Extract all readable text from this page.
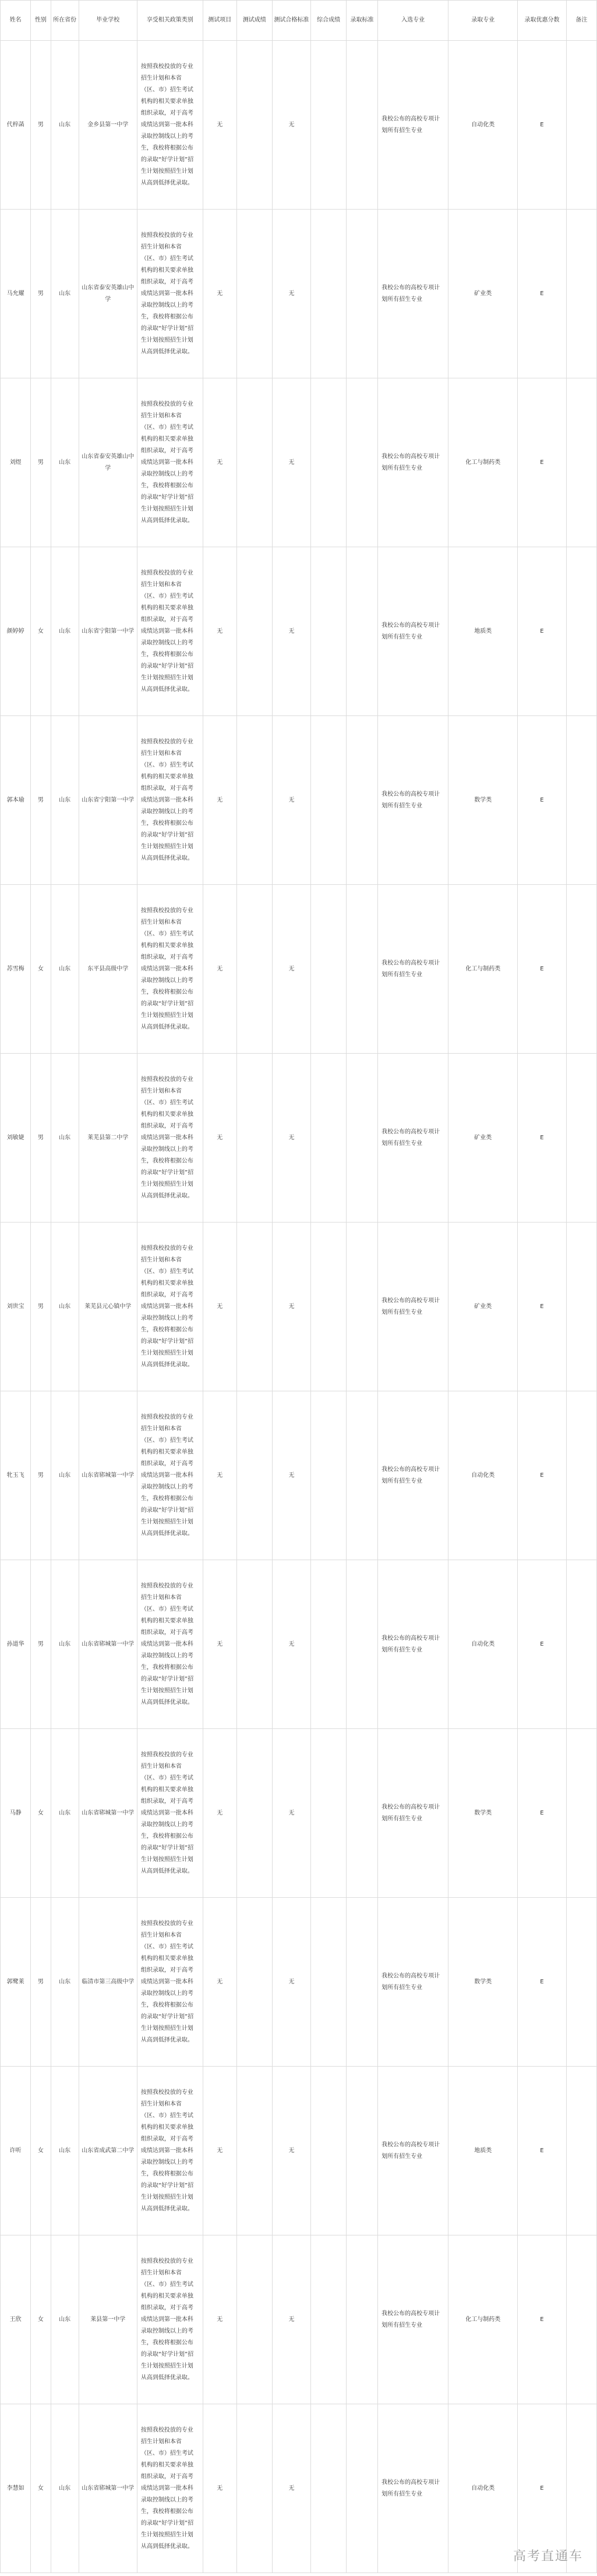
姓名	性别	所在省份	毕业学校	享受相关政策类别	测试项目	测试成绩	测试合格标准	综合成绩	录取标准	入选专业	录取专业	录取优惠分数	备注
代梓菡	男	山东	金乡县第一中学	按照我校投放的专业招生计划和本省（区、市）招生考试机构的相关要求单独组织录取，对于高考成绩达到第一批本科录取控制线以上的考生，我校将根据公布的录取“好学计划”招生计划按照招生计划从高到低择优录取。	无		无			我校公布的高校专项计划所有招生专业	自动化类	E	
马允耀	男	山东	山东省泰安英雄山中学	按照我校投放的专业招生计划和本省（区、市）招生考试机构的相关要求单独组织录取，对于高考成绩达到第一批本科录取控制线以上的考生，我校将根据公布的录取“好学计划”招生计划按照招生计划从高到低择优录取。	无		无			我校公布的高校专项计划所有招生专业	矿业类	E	
刘煜	男	山东	山东省泰安英雄山中学	按照我校投放的专业招生计划和本省（区、市）招生考试机构的相关要求单独组织录取，对于高考成绩达到第一批本科录取控制线以上的考生，我校将根据公布的录取“好学计划”招生计划按照招生计划从高到低择优录取。	无		无			我校公布的高校专项计划所有招生专业	化工与制药类	E	
颜婷婷	女	山东	山东省宁阳第一中学	按照我校投放的专业招生计划和本省（区、市）招生考试机构的相关要求单独组织录取，对于高考成绩达到第一批本科录取控制线以上的考生，我校将根据公布的录取“好学计划”招生计划按照招生计划从高到低择优录取。	无		无			我校公布的高校专项计划所有招生专业	地质类	E	
郭本瑜	男	山东	山东省宁阳第一中学	按照我校投放的专业招生计划和本省（区、市）招生考试机构的相关要求单独组织录取，对于高考成绩达到第一批本科录取控制线以上的考生，我校将根据公布的录取“好学计划”招生计划按照招生计划从高到低择优录取。	无		无			我校公布的高校专项计划所有招生专业	数学类	E	
苏雪梅	女	山东	东平县高级中学	按照我校投放的专业招生计划和本省（区、市）招生考试机构的相关要求单独组织录取，对于高考成绩达到第一批本科录取控制线以上的考生，我校将根据公布的录取“好学计划”招生计划按照招生计划从高到低择优录取。	无		无			我校公布的高校专项计划所有招生专业	化工与制药类	E	
刘敏婕	男	山东	莱芜县第二中学	按照我校投放的专业招生计划和本省（区、市）招生考试机构的相关要求单独组织录取，对于高考成绩达到第一批本科录取控制线以上的考生，我校将根据公布的录取“好学计划”招生计划按照招生计划从高到低择优录取。	无		无			我校公布的高校专项计划所有招生专业	矿业类	E	
刘世宝	男	山东	莱芜县元心镇中学	按照我校投放的专业招生计划和本省（区、市）招生考试机构的相关要求单独组织录取，对于高考成绩达到第一批本科录取控制线以上的考生，我校将根据公布的录取“好学计划”招生计划按照招生计划从高到低择优录取。	无		无			我校公布的高校专项计划所有招生专业	矿业类	E	
牝玉飞	男	山东	山东省郓城第一中学	按照我校投放的专业招生计划和本省（区、市）招生考试机构的相关要求单独组织录取，对于高考成绩达到第一批本科录取控制线以上的考生，我校将根据公布的录取“好学计划”招生计划按照招生计划从高到低择优录取。	无		无			我校公布的高校专项计划所有招生专业	自动化类	E	
孙道华	男	山东	山东省郓城第一中学	按照我校投放的专业招生计划和本省（区、市）招生考试机构的相关要求单独组织录取，对于高考成绩达到第一批本科录取控制线以上的考生，我校将根据公布的录取“好学计划”招生计划按照招生计划从高到低择优录取。	无		无			我校公布的高校专项计划所有招生专业	自动化类	E	
马静	女	山东	山东省郓城第一中学	按照我校投放的专业招生计划和本省（区、市）招生考试机构的相关要求单独组织录取，对于高考成绩达到第一批本科录取控制线以上的考生，我校将根据公布的录取“好学计划”招生计划按照招生计划从高到低择优录取。	无		无			我校公布的高校专项计划所有招生专业	数学类	E	
郭鹭莱	男	山东	临清市第三高级中学	按照我校投放的专业招生计划和本省（区、市）招生考试机构的相关要求单独组织录取，对于高考成绩达到第一批本科录取控制线以上的考生，我校将根据公布的录取“好学计划”招生计划按照招生计划从高到低择优录取。	无		无			我校公布的高校专项计划所有招生专业	数学类	E	
许听	女	山东	山东省成武第二中学	按照我校投放的专业招生计划和本省（区、市）招生考试机构的相关要求单独组织录取，对于高考成绩达到第一批本科录取控制线以上的考生，我校将根据公布的录取“好学计划”招生计划按照招生计划从高到低择优录取。	无		无			我校公布的高校专项计划所有招生专业	地质类	E	
王欣	女	山东	莱县第一中学	按照我校投放的专业招生计划和本省（区、市）招生考试机构的相关要求单独组织录取，对于高考成绩达到第一批本科录取控制线以上的考生，我校将根据公布的录取“好学计划”招生计划按照招生计划从高到低择优录取。	无		无			我校公布的高校专项计划所有招生专业	化工与制药类	E	
李慧如	女	山东	山东省郓城第一中学	按照我校投放的专业招生计划和本省（区、市）招生考试机构的相关要求单独组织录取，对于高考成绩达到第一批本科录取控制线以上的考生，我校将根据公布的录取“好学计划”招生计划按照招生计划从高到低择优录取。	无		无			我校公布的高校专项计划所有招生专业	自动化类	E	
高考直通车
